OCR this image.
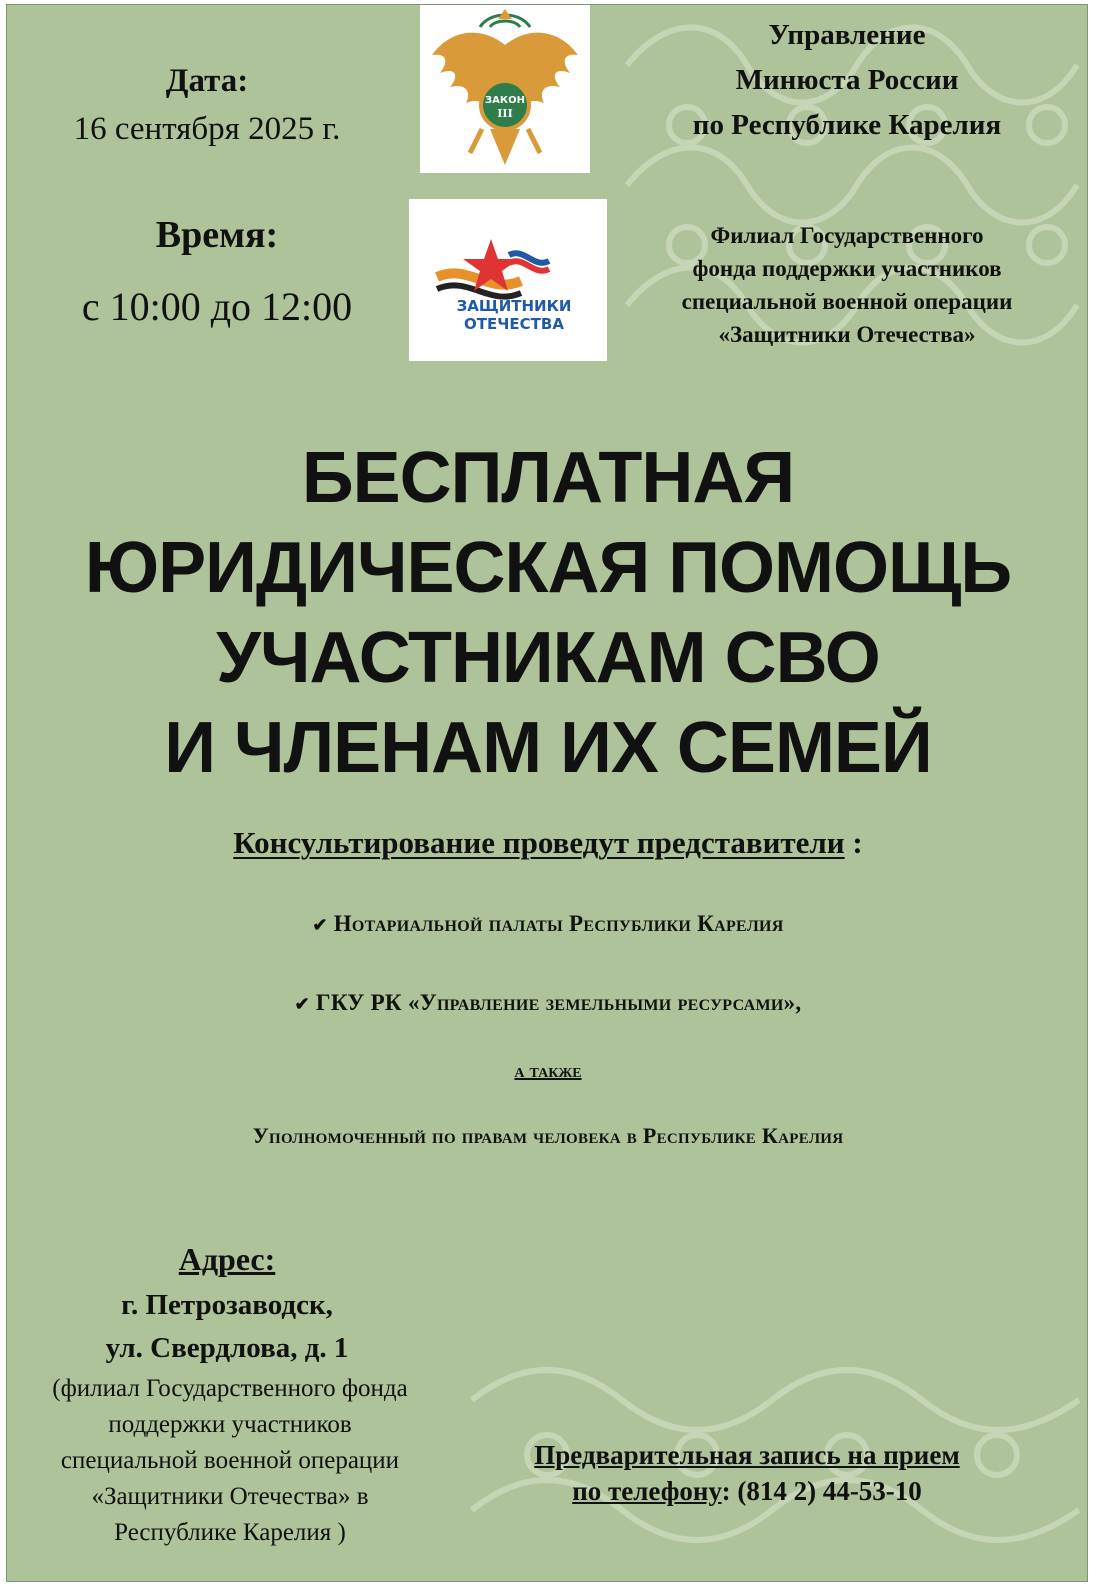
Дата:
16 сентября 2025 г.
Время:
с 10:00 до 12:00
ЗАКОН
III
ЗАЩИТНИКИ
ОТЕЧЕСТВА
Управление
Минюста России
по Республике Карелия
Филиал Государственного
фонда поддержки участников
специальной военной операции
«Защитники Отечества»
БЕСПЛАТНАЯ
ЮРИДИЧЕСКАЯ ПОМОЩЬ
УЧАСТНИКАМ СВО
И ЧЛЕНАМ ИХ СЕМЕЙ
Консультирование проведут представители :
✔ Нотариальной палаты Республики Карелия
✔ ГКУ РК «Управление земельными ресурсами»,
а также
Уполномоченный по правам человека в Республике Карелия
Адрес:
г. Петрозаводск,
ул. Свердлова, д. 1
(филиал Государственного фонда
поддержки участников
специальной военной операции
«Защитники Отечества» в
Республике Карелия )
Предварительная запись на прием
по телефону: (814 2) 44-53-10
